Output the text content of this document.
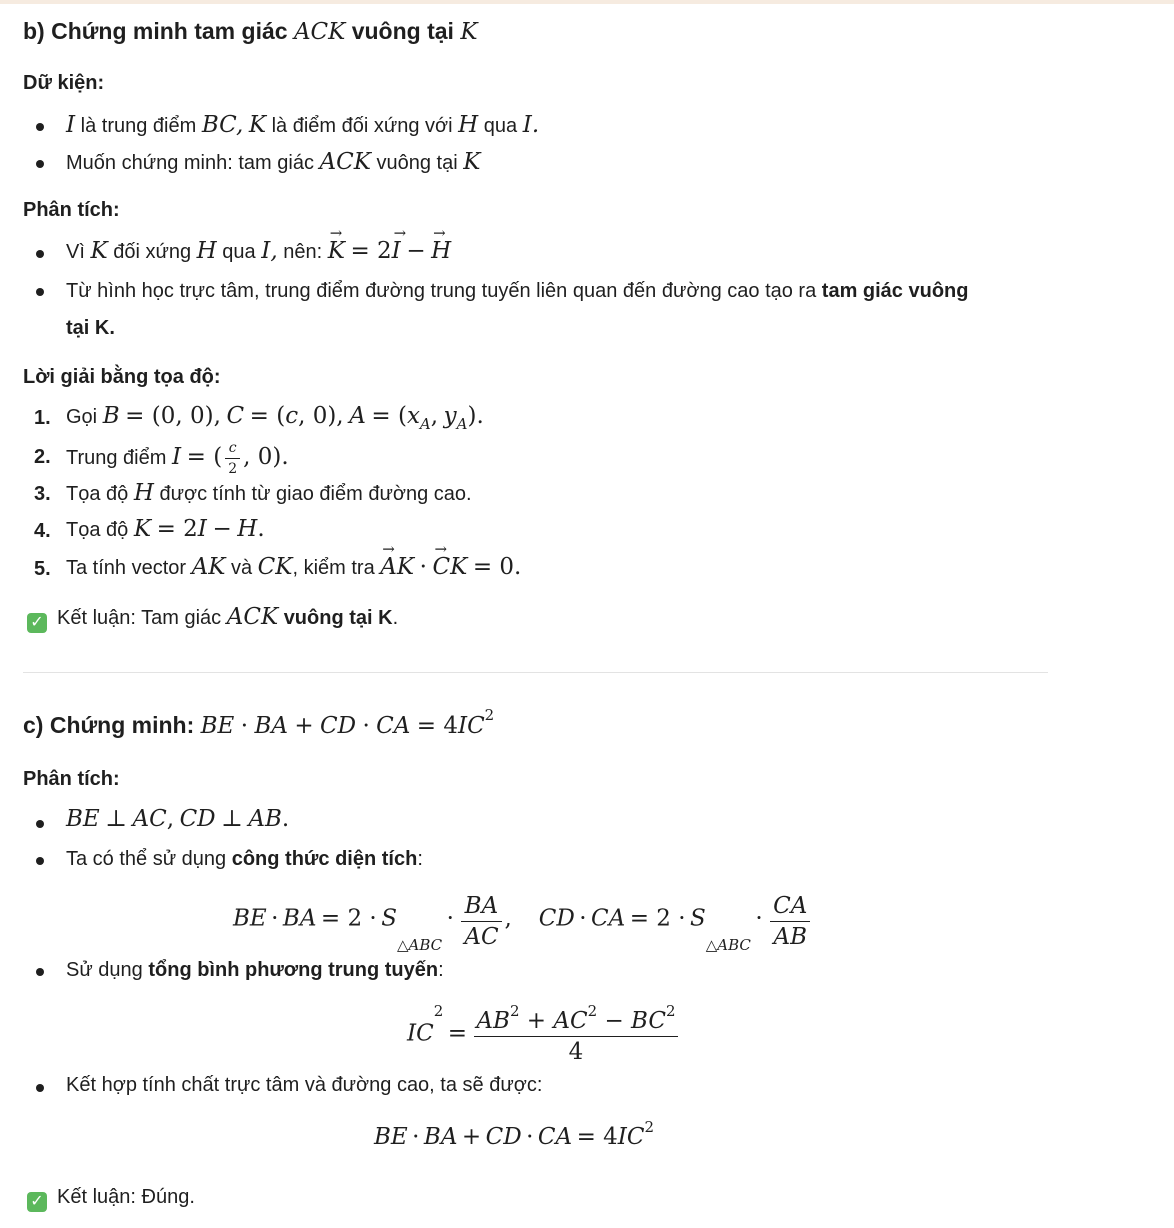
b) Chứng minh tam giác ACK vuông tại K
Dữ kiện:
I là trung điểm BC, K là điểm đối xứng với H qua I.
Muốn chứng minh: tam giác ACK vuông tại K
Phân tích:
Vì K đối xứng H qua I, nên: → K = 2→ I − → H
Từ hình học trực tâm, trung điểm đường trung tuyến liên quan đến đường cao tạo ra tam giác vuông
tại K.
Lời giải bằng tọa độ:
1. Gọi B = (0, 0), C = (c, 0), $A = (x_A$, $y_A$).
2. Trung điểm I = ( $\frac{c}{2}$ , 0).
3. Tọa độ H được tính từ giao điểm đường cao.
4. Tọa độ K = 2I − H.
5. Ta tính vector AK và CK, kiểm tra → AK · → CK = 0.
✓ Kết luận: Tam giác ACK vuông tại K.
c) Chứng minh: BE · BA + CD · CA = $4IC^2$
Phân tích:
BE ⊥ AC, CD ⊥ AB.
Ta có thể sử dụng công thức diện tích:
BE · BA = 2 · S△ABC · $\frac{BA}{AC}$ , CD · CA = 2 · S△ABC · $\frac{CA}{AB}$
Sử dụng tổng bình phương trung tuyến:
$IC2 = \frac{AB^2 + AC^2 - BC^2}{4}$
Kết hợp tính chất trực tâm và đường cao, ta sẽ được:
BE · BA + CD · CA = 4IC2
✓ Kết luận: Đúng.
